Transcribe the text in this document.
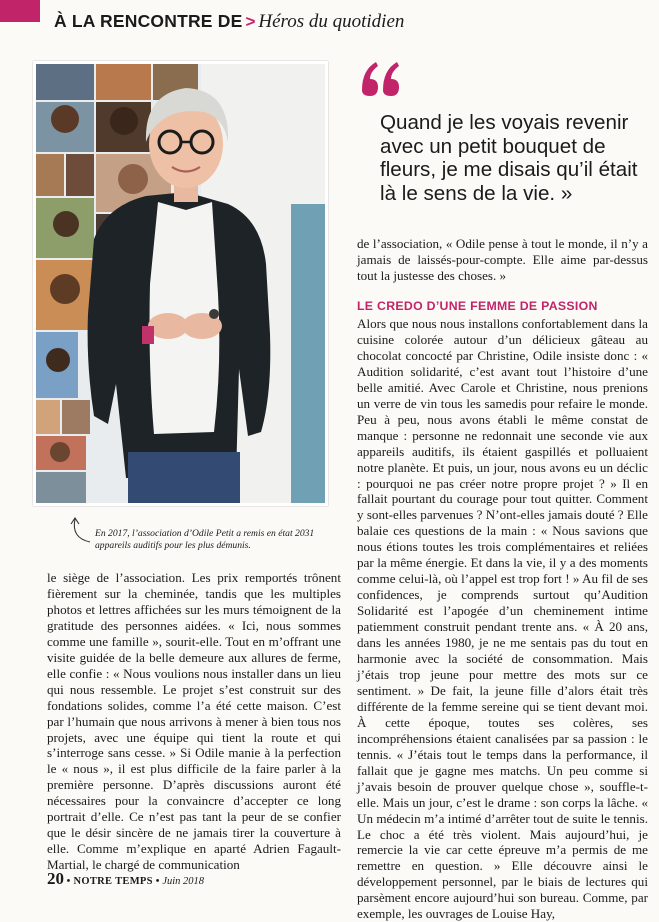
À LA RENCONTRE DE > Héros du quotidien

En 2017, l’association d’Odile Petit a remis en état 2031 appareils auditifs pour les plus démunis.

Quand je les voyais revenir avec un petit bouquet de fleurs, je me disais qu’il était là le sens de la vie. »

le siège de l’association. Les prix remportés trônent fièrement sur la cheminée, tandis que les multiples photos et lettres affichées sur les murs témoignent de la gratitude des personnes aidées. « Ici, nous sommes comme une famille », sourit-elle. Tout en m’offrant une visite guidée de la belle demeure aux allures de ferme, elle confie : « Nous voulions nous installer dans un lieu qui nous ressemble. Le projet s’est construit sur des fondations solides, comme l’a été cette maison. C’est par l’humain que nous arrivons à mener à bien tous nos projets, avec une équipe qui tient la route et qui s’interroge sans cesse. » Si Odile manie à la perfection le « nous », il est plus difficile de la faire parler à la première personne. D’après discussions auront été nécessaires pour la convaincre d’accepter ce long portrait d’elle. Ce n’est pas tant la peur de se confier que le désir sincère de ne jamais tirer la couverture à elle. Comme m’explique en aparté Adrien Fagault-Martial, le chargé de communication

de l’association, « Odile pense à tout le monde, il n’y a jamais de laissés-pour-compte. Elle aime par-dessus tout la justesse des choses. »

LE CREDO D’UNE FEMME DE PASSION

Alors que nous nous installons confortablement dans la cuisine colorée autour d’un délicieux gâteau au chocolat concocté par Christine, Odile insiste donc : « Audition solidarité, c’est avant tout l’histoire d’une belle amitié. Avec Carole et Christine, nous prenions un verre de vin tous les samedis pour refaire le monde. Peu à peu, nous avons établi le même constat de manque : personne ne redonnait une seconde vie aux appareils auditifs, ils étaient gaspillés et polluaient notre planète. Et puis, un jour, nous avons eu un déclic : pourquoi ne pas créer notre propre projet ? » Il en fallait pourtant du courage pour tout quitter. Comment y sont-elles parvenues ? N’ont-elles jamais douté ? Elle balaie ces questions de la main : « Nous savions que nous étions toutes les trois complémentaires et reliées par la même énergie. Et dans la vie, il y a des moments comme celui-là, où l’appel est trop fort ! » Au fil de ses confidences, je comprends surtout qu’Audition Solidarité est l’apogée d’un cheminement intime patiemment construit pendant trente ans. « À 20 ans, dans les années 1980, je ne me sentais pas du tout en harmonie avec la société de consommation. Mais j’étais trop jeune pour mettre des mots sur ce sentiment. » De fait, la jeune fille d’alors était très différente de la femme sereine qui se tient devant moi. À cette époque, toutes ses colères, ses incompréhensions étaient canalisées par sa passion : le tennis. « J’étais tout le temps dans la performance, il fallait que je gagne mes matchs. Un peu comme si j’avais besoin de prouver quelque chose », souffle-t-elle. Mais un jour, c’est le drame : son corps la lâche. « Un médecin m’a intimé d’arrêter tout de suite le tennis. Le choc a été très violent. Mais aujourd’hui, je remercie la vie car cette épreuve m’a permis de me remettre en question. » Elle découvre ainsi le développement personnel, par le biais de lectures qui parsèment encore aujourd’hui son bureau. Comme, par exemple, les ouvrages de Louise Hay,

20 • NOTRE TEMPS • Juin 2018
